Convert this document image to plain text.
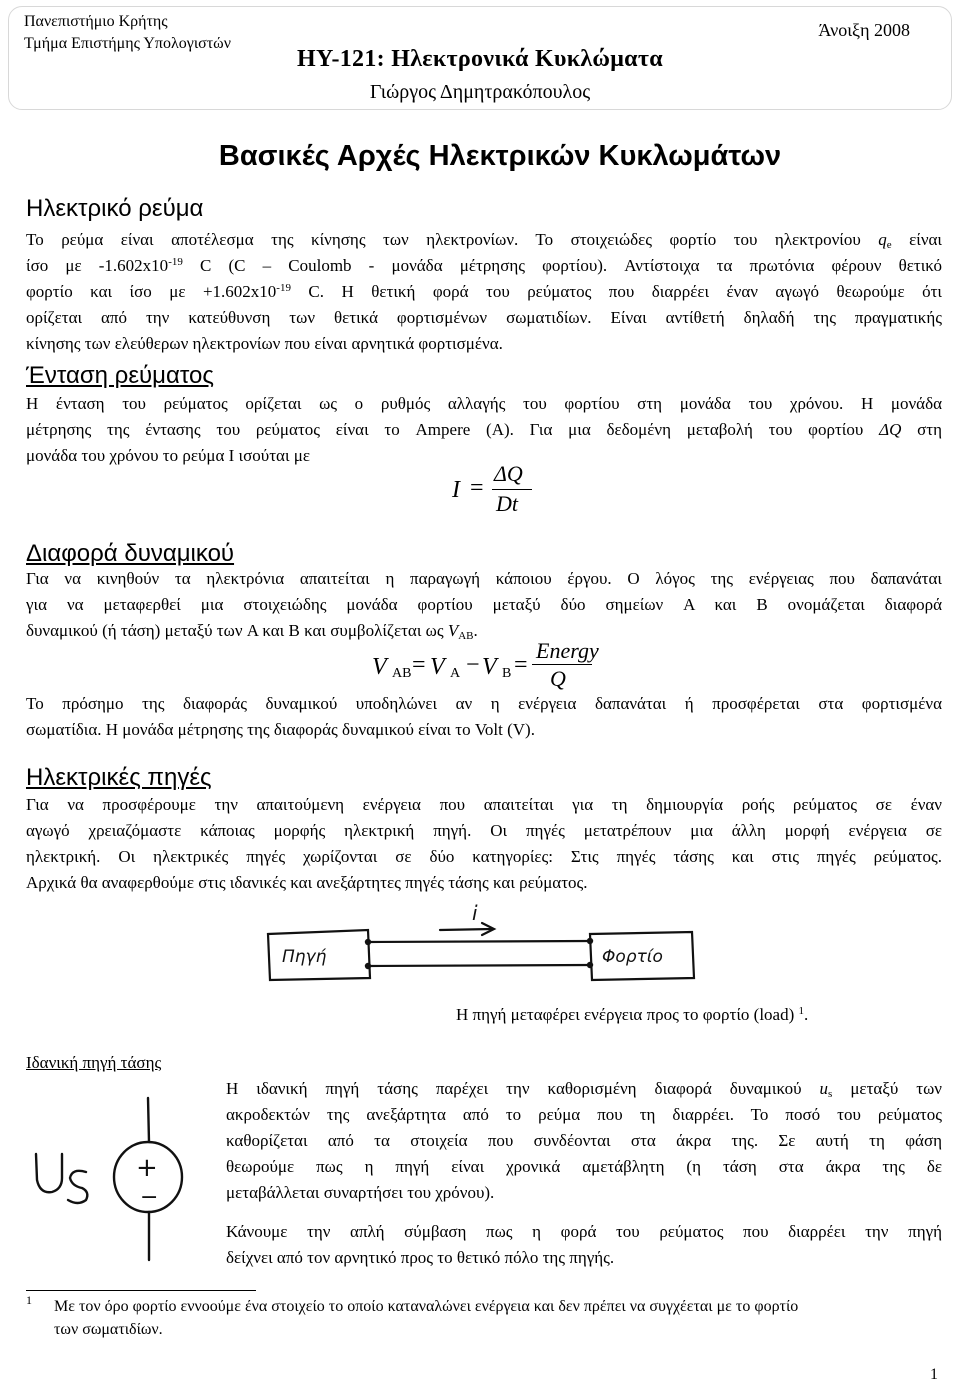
Πανεπιστήμιο Κρήτης
Τμήμα Επιστήμης Υπολογιστών
Άνοιξη 2008
ΗΥ-121: Ηλεκτρονικά Κυκλώματα
Γιώργος Δημητρακόπουλος
Βασικές Αρχές Ηλεκτρικών Κυκλωμάτων
Ηλεκτρικό ρεύμα
Το ρεύμα είναι αποτέλεσμα της κίνησης των ηλεκτρονίων. Το στοιχειώδες φορτίο του ηλεκτρονίου $q_e$ είναι
ίσο με $-1.602x10^{-19}$ C (C – Coulomb - μονάδα μέτρησης φορτίου). Αντίστοιχα τα πρωτόνια φέρουν θετικό
φορτίο και ίσο $\mu\varepsilon +1.602x10^{-19}$ C. Η θετική φορά του ρεύματος που διαρρέει έναν αγωγό θεωρούμε ότι
ορίζεται από την κατεύθυνση των θετικά φορτισμένων σωματιδίων. Είναι αντίθετή δηλαδή της πραγματικής
κίνησης των ελεύθερων ηλεκτρονίων που είναι αρνητικά φορτισμένα.
Ένταση ρεύματος
Η ένταση του ρεύματος ορίζεται ως ο ρυθμός αλλαγής του φορτίου στη μονάδα του χρόνου. Η μονάδα
μέτρησης της έντασης του ρεύματος είναι το Ampere (A). Για μια δεδομένη μεταβολή του φορτίου ΔQ στη
μονάδα του χρόνου το ρεύμα I ισούται με
I =
ΔQ
Dt
Διαφορά δυναμικού
Για να κινηθούν τα ηλεκτρόνια απαιτείται η παραγωγή κάποιου έργου. Ο λόγος της ενέργειας που δαπανάται
για να μεταφερθεί μια στοιχειώδης μονάδα φορτίου μεταξύ δύο σημείων A και B ονομάζεται διαφορά
δυναμικού (ή τάση) μεταξύ των A και B και συμβολίζεται ως $V_{AB}$.
V AB = V A − V B =
Energy
Q
Το πρόσημο της διαφοράς δυναμικού υποδηλώνει αν η ενέργεια δαπανάται ή προσφέρεται στα φορτισμένα
σωματίδια. Η μονάδα μέτρησης της διαφοράς δυναμικού είναι το Volt (V).
Ηλεκτρικές πηγές
Για να προσφέρουμε την απαιτούμενη ενέργεια που απαιτείται για τη δημιουργία ροής ρεύματος σε έναν
αγωγό χρειαζόμαστε κάποιας μορφής ηλεκτρική πηγή. Οι πηγές μετατρέπουν μια άλλη μορφή ενέργεια σε
ηλεκτρική. Οι ηλεκτρικές πηγές χωρίζονται σε δύο κατηγορίες: Στις πηγές τάσης και στις πηγές ρεύματος.
Αρχικά θα αναφερθούμε στις ιδανικές και ανεξάρτητες πηγές τάσης και ρεύματος.
i
Πηγή	Φορτίο
Η πηγή μεταφέρει ενέργεια προς το φορτίο (load) $^1$.
Ιδανική πηγή τάσης
+
−
Us
Η ιδανική πηγή τάσης παρέχει την καθορισμένη διαφορά δυναμικού $u_s$ μεταξύ των
ακροδεκτών της ανεξάρτητα από το ρεύμα που τη διαρρέει. Το ποσό του ρεύματος
καθορίζεται από τα στοιχεία που συνδέονται στα άκρα της. Σε αυτή τη φάση
θεωρούμε πως η πηγή είναι χρονικά αμετάβλητη (η τάση στα άκρα της δε
μεταβάλλεται συναρτήσει του χρόνου).
Κάνουμε την απλή σύμβαση πως η φορά του ρεύματος που διαρρέει την πηγή
δείχνει από τον αρνητικό προς το θετικό πόλο της πηγής.
1 Με τον όρο φορτίο εννοούμε ένα στοιχείο το οποίο καταναλώνει ενέργεια και δεν πρέπει να συγχέεται με το φορτίο
των σωματιδίων.
1
